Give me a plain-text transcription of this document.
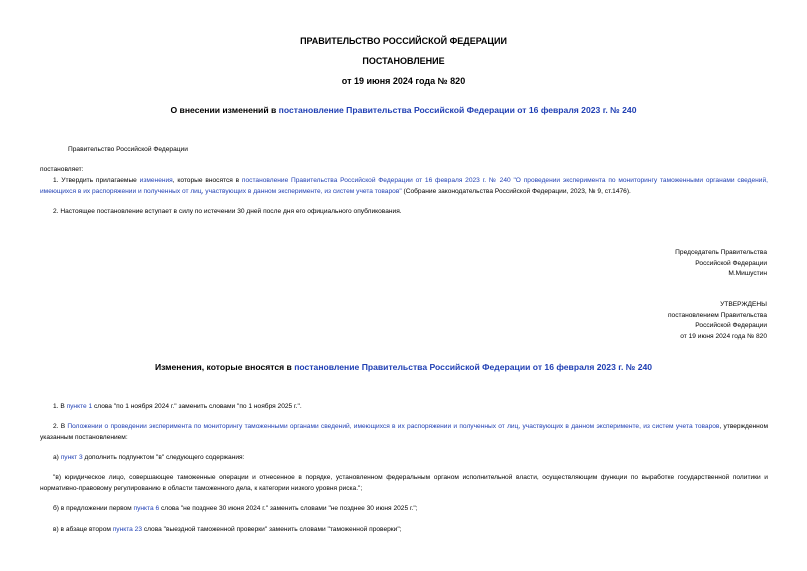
ПРАВИТЕЛЬСТВО РОССИЙСКОЙ ФЕДЕРАЦИИ
ПОСТАНОВЛЕНИЕ
от 19 июня 2024 года № 820
О внесении изменений в постановление Правительства Российской Федерации от 16 февраля 2023 г. № 240
Правительство Российской Федерации
постановляет:
1. Утвердить прилагаемые изменения, которые вносятся в постановление Правительства Российской Федерации от 16 февраля 2023 г. № 240 "О проведении эксперимента по мониторингу таможенными органами сведений, имеющихся в их распоряжении и полученных от лиц, участвующих в данном эксперименте, из систем учета товаров" (Собрание законодательства Российской Федерации, 2023, № 9, ст.1476).
2. Настоящее постановление вступает в силу по истечении 30 дней после дня его официального опубликования.
Председатель Правительства
Российской Федерации
М.Мишустин
УТВЕРЖДЕНЫ
постановлением Правительства
Российской Федерации
от 19 июня 2024 года № 820
Изменения, которые вносятся в постановление Правительства Российской Федерации от 16 февраля 2023 г. № 240
1. В пункте 1 слова "по 1 ноября 2024 г." заменить словами "по 1 ноября 2025 г.".
2. В Положении о проведении эксперимента по мониторингу таможенными органами сведений, имеющихся в их распоряжении и полученных от лиц, участвующих в данном эксперименте, из систем учета товаров, утвержденном указанным постановлением:
а) пункт 3 дополнить подпунктом "в" следующего содержания:
"в) юридическое лицо, совершающее таможенные операции и отнесенное в порядке, установленном федеральным органом исполнительной власти, осуществляющим функции по выработке государственной политики и нормативно-правовому регулированию в области таможенного дела, к категории низкого уровня риска.";
б) в предложении первом пункта 6 слова "не позднее 30 июня 2024 г." заменить словами "не позднее 30 июня 2025 г.";
в) в абзаце втором пункта 23 слова "выездной таможенной проверки" заменить словами "таможенной проверки";
